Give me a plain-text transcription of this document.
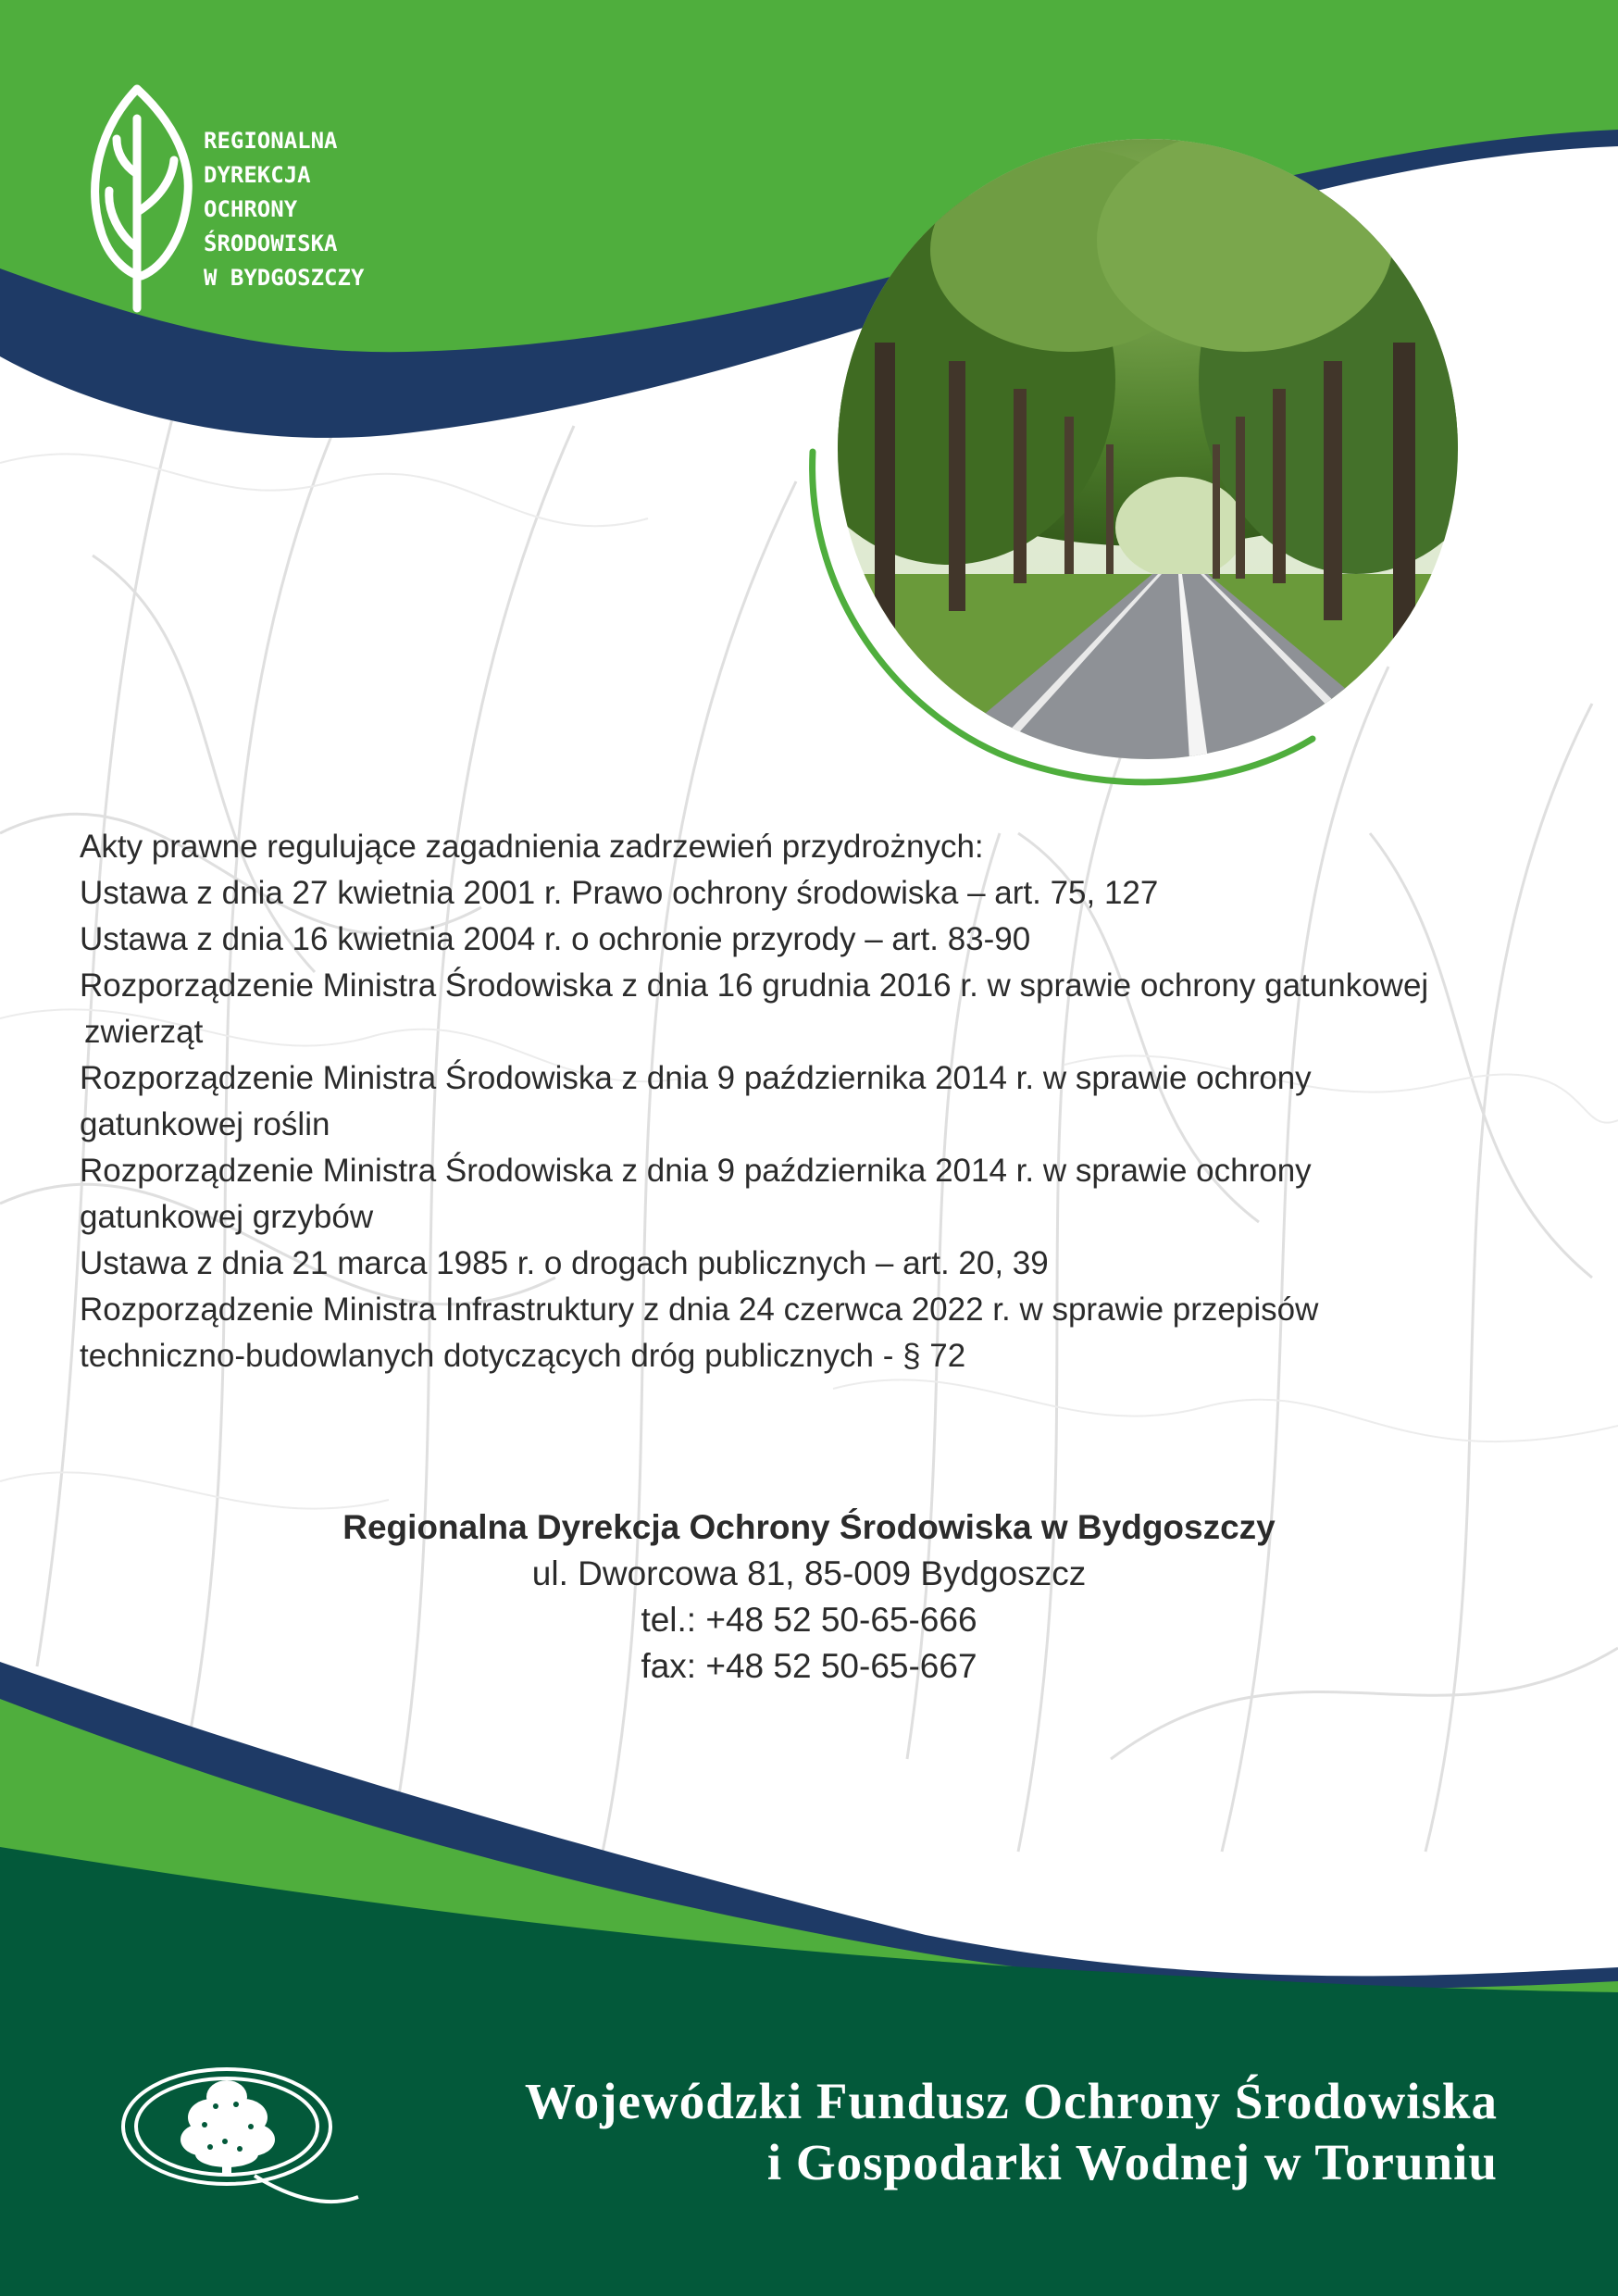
REGIONALNA
DYREKCJA
OCHRONY
ŚRODOWISKA
W BYDGOSZCZY
Akty prawne regulujące zagadnienia zadrzewień przydrożnych:
Ustawa z dnia 27 kwietnia 2001 r. Prawo ochrony środowiska – art. 75, 127
Ustawa z dnia 16 kwietnia 2004 r. o ochronie przyrody – art. 83-90
Rozporządzenie Ministra Środowiska z dnia 16 grudnia 2016 r. w sprawie ochrony gatunkowej
zwierząt
Rozporządzenie Ministra Środowiska z dnia 9 października 2014 r. w sprawie ochrony
gatunkowej roślin
Rozporządzenie Ministra Środowiska z dnia 9 października 2014 r. w sprawie ochrony
gatunkowej grzybów
Ustawa z dnia 21 marca 1985 r. o drogach publicznych – art. 20, 39
Rozporządzenie Ministra Infrastruktury z dnia 24 czerwca 2022 r. w sprawie przepisów
techniczno-budowlanych dotyczących dróg publicznych - § 72
Regionalna Dyrekcja Ochrony Środowiska w Bydgoszczy
ul. Dworcowa 81, 85-009 Bydgoszcz
tel.: +48 52 50-65-666
fax: +48 52 50-65-667
Wojewódzki Fundusz Ochrony Środowiska
i Gospodarki Wodnej w Toruniu
